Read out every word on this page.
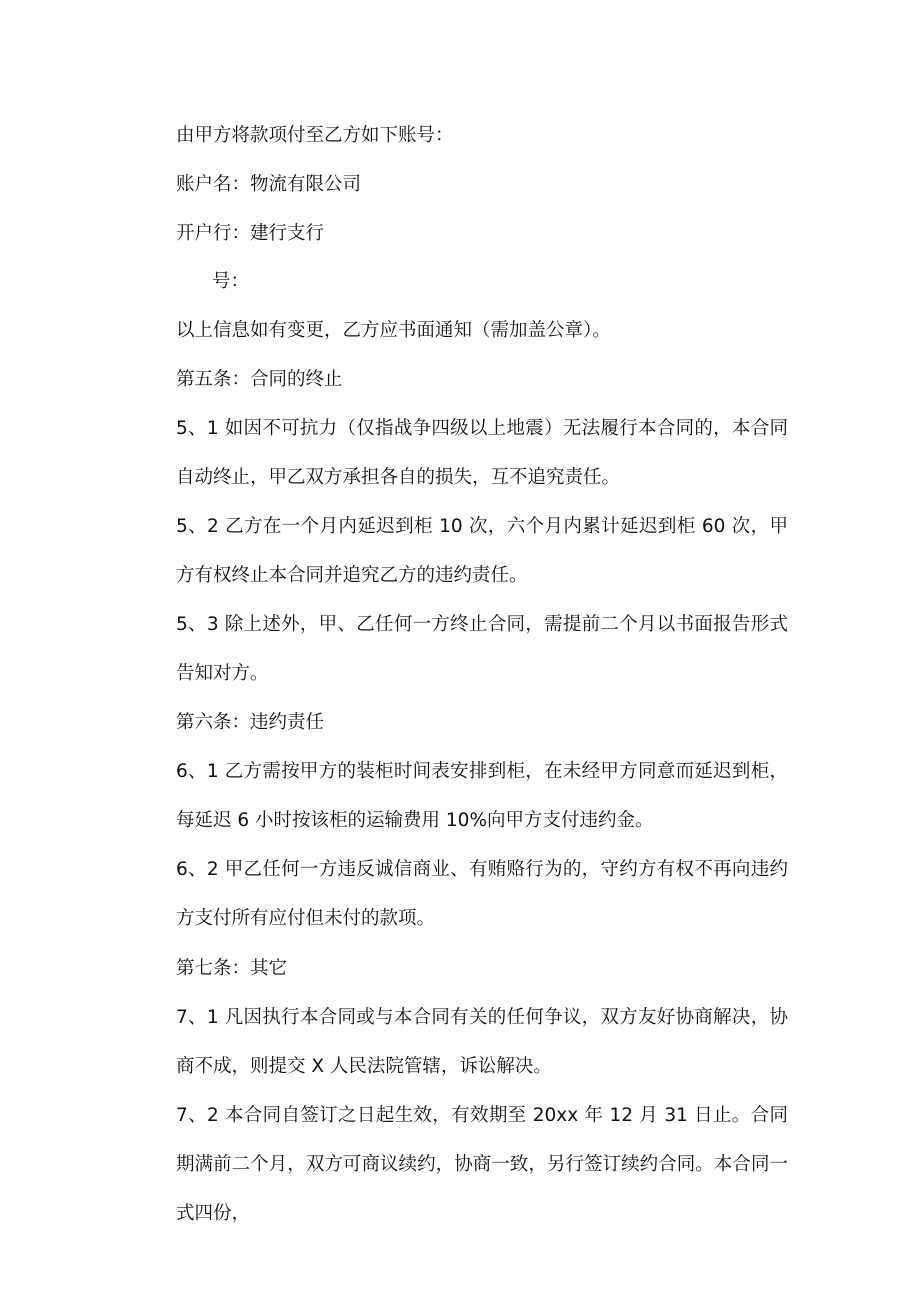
由甲方将款项付至乙方如下账号：
账户名：物流有限公司
开户行：建行支行
号：
以上信息如有变更，乙方应书面通知（需加盖公章）。
第五条：合同的终止
5、1 如因不可抗力（仅指战争四级以上地震）无法履行本合同的，本合同自动终止，甲乙双方承担各自的损失，互不追究责任。
5、2 乙方在一个月内延迟到柜 10 次，六个月内累计延迟到柜 60 次，甲方有权终止本合同并追究乙方的违约责任。
5、3 除上述外，甲、乙任何一方终止合同，需提前二个月以书面报告形式告知对方。
第六条：违约责任
6、1 乙方需按甲方的装柜时间表安排到柜，在未经甲方同意而延迟到柜，每延迟 6 小时按该柜的运输费用 10%向甲方支付违约金。
6、2 甲乙任何一方违反诚信商业、有贿赂行为的，守约方有权不再向违约方支付所有应付但未付的款项。
第七条：其它
7、1 凡因执行本合同或与本合同有关的任何争议，双方友好协商解决，协商不成，则提交 X 人民法院管辖，诉讼解决。
7、2 本合同自签订之日起生效，有效期至 20xx 年 12 月 31 日止。合同期满前二个月，双方可商议续约，协商一致，另行签订续约合同。本合同一式四份，
